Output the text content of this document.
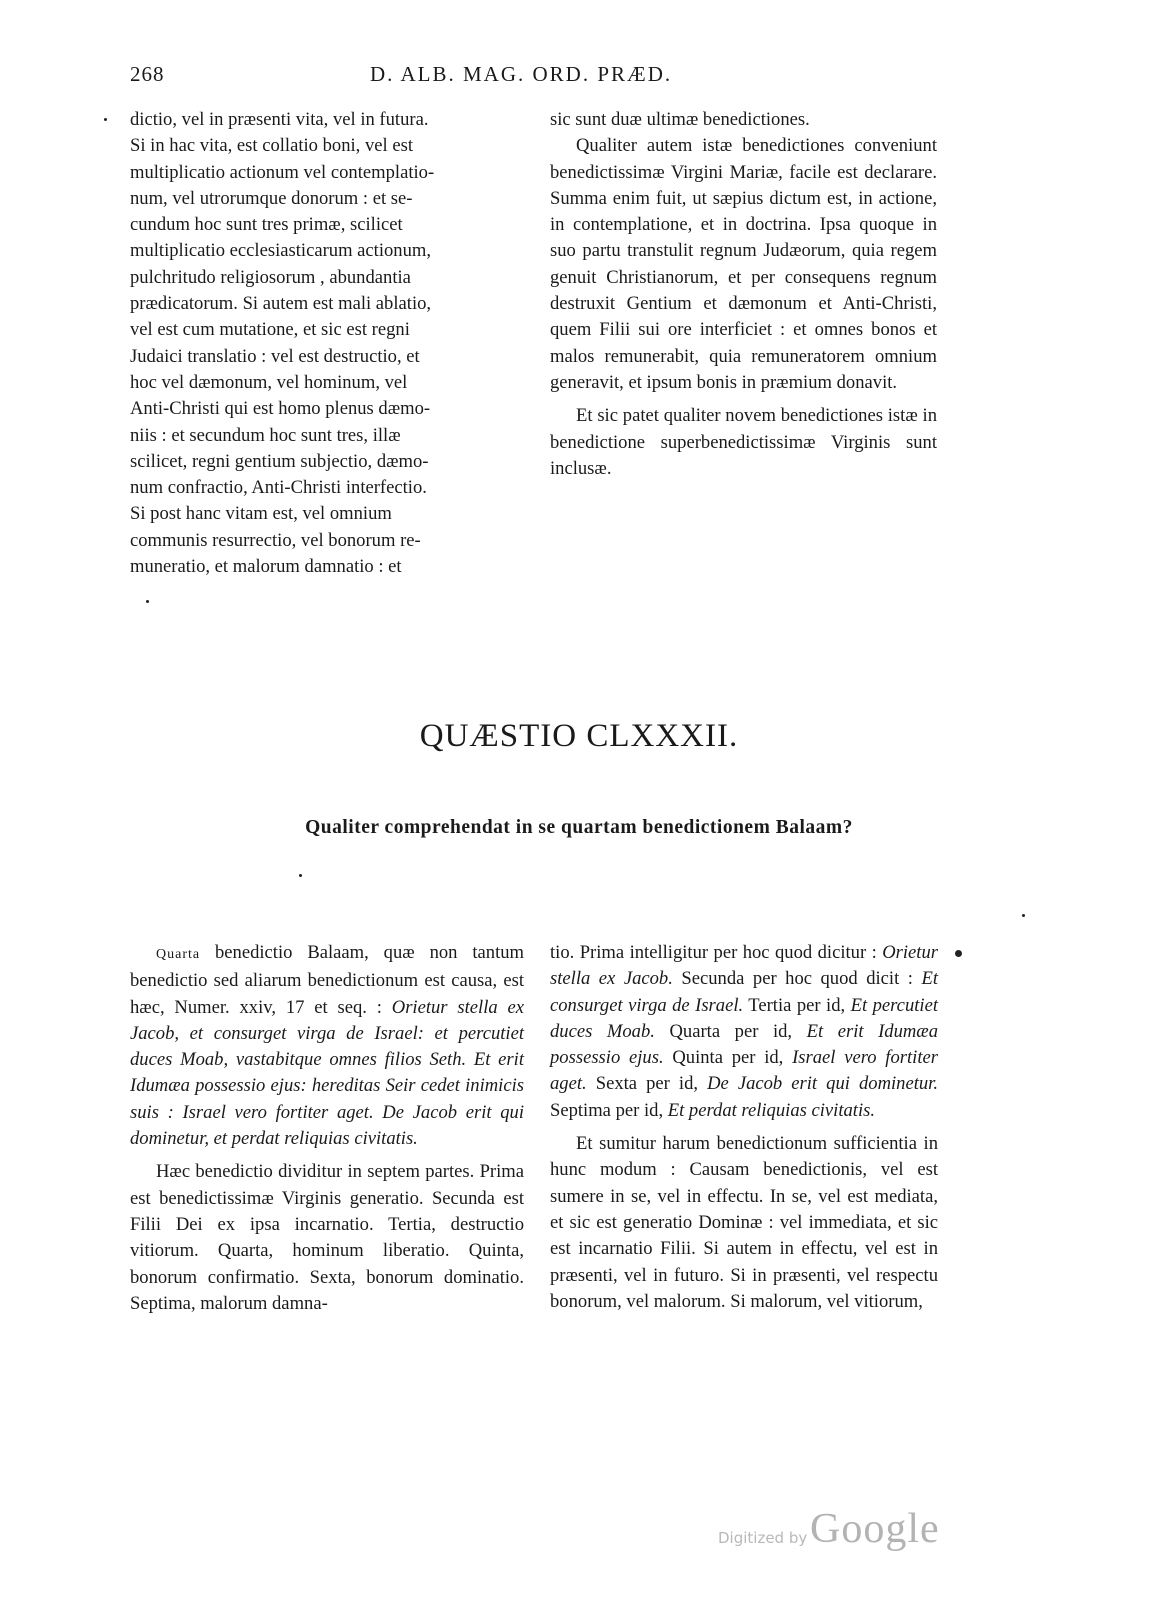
268	D. ALB. MAG. ORD. PRÆD.
dictio, vel in præsenti vita, vel in futura.
Si in hac vita, est collatio boni, vel est
multiplicatio actionum vel contemplatio-
num, vel utrorumque donorum : et se-
cundum hoc sunt tres primæ, scilicet
multiplicatio ecclesiasticarum actionum,
pulchritudo religiosorum , abundantia
prædicatorum. Si autem est mali ablatio,
vel est cum mutatione, et sic est regni
Judaici translatio : vel est destructio, et
hoc vel dæmonum, vel hominum, vel
Anti-Christi qui est homo plenus dæmo-
niis : et secundum hoc sunt tres, illæ
scilicet, regni gentium subjectio, dæmo-
num confractio, Anti-Christi interfectio.
Si post hanc vitam est, vel omnium
communis resurrectio, vel bonorum re-
muneratio, et malorum damnatio : et

sic sunt duæ ultimæ benedictiones.

Qualiter autem istæ benedictiones conveniunt benedictissimæ Virgini Mariæ, facile est declarare. Summa enim fuit, ut sæpius dictum est, in actione, in contemplatione, et in doctrina. Ipsa quoque in suo partu transtulit regnum Judæorum, quia regem genuit Christianorum, et per consequens regnum destruxit Gentium et dæmonum et Anti-Christi, quem Filii sui ore interficiet : et omnes bonos et malos remunerabit, quia remuneratorem omnium generavit, et ipsum bonis in præmium donavit.

Et sic patet qualiter novem benedictiones istæ in benedictione superbenedictissimæ Virginis sunt inclusæ.

QUÆSTIO CLXXXII.
Qualiter comprehendat in se quartam benedictionem Balaam?

Quarta benedictio Balaam, quæ non tantum benedictio sed aliarum benedictionum est causa, est hæc, Numer. xxiv, 17 et seq. : Orietur stella ex Jacob, et consurget virga de Israel: et percutiet duces Moab, vastabitque omnes filios Seth. Et erit Idumæa possessio ejus: hereditas Seir cedet inimicis suis : Israel vero fortiter aget. De Jacob erit qui dominetur, et perdat reliquias civitatis.

Hæc benedictio dividitur in septem partes. Prima est benedictissimæ Virginis generatio. Secunda est Filii Dei ex ipsa incarnatio. Tertia, destructio vitiorum. Quarta, hominum liberatio. Quinta, bonorum confirmatio. Sexta, bonorum dominatio. Septima, malorum damna-

tio. Prima intelligitur per hoc quod dicitur : Orietur stella ex Jacob. Secunda per hoc quod dicit : Et consurget virga de Israel. Tertia per id, Et percutiet duces Moab. Quarta per id, Et erit Idumæa possessio ejus. Quinta per id, Israel vero fortiter aget. Sexta per id, De Jacob erit qui dominetur. Septima per id, Et perdat reliquias civitatis.

Et sumitur harum benedictionum sufficientia in hunc modum : Causam benedictionis, vel est sumere in se, vel in effectu. In se, vel est mediata, et sic est generatio Dominæ : vel immediata, et sic est incarnatio Filii. Si autem in effectu, vel est in præsenti, vel in futuro. Si in præsenti, vel respectu bonorum, vel malorum. Si malorum, vel vitiorum,

Digitized by Google
